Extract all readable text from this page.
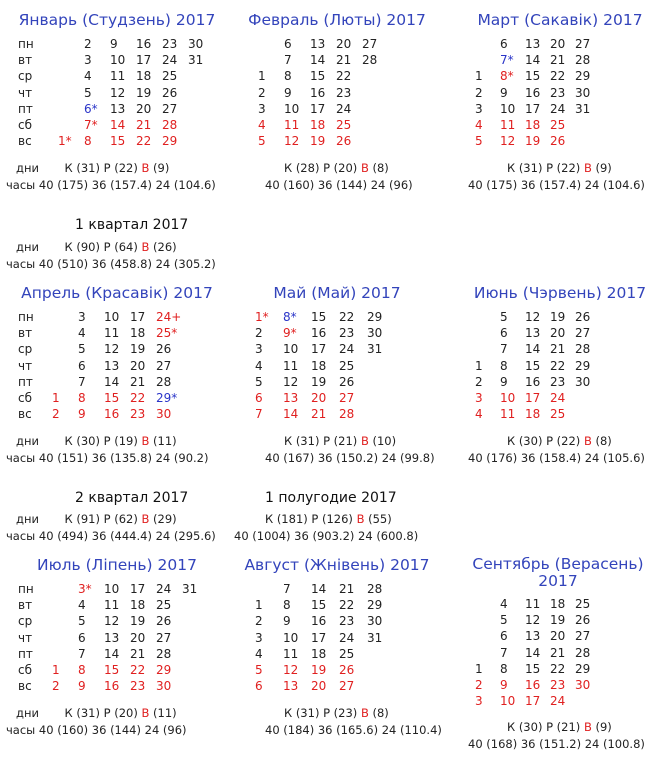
Январь (Студзень) 2017
пн
вт
ср
чт
пт
сб
вс 1*
2
3
4
5
6*
7*
8
9
10
11
12
13
14
15
16
17
18
19
20
21
22
23
24
25
26
27
28
29
30
31
дни К (31) Р (22) В (9)
часы 40 (175) 36 (157.4) 24 (104.6)
Февраль (Люты) 2017
1
2
3
4
5
6
7
8
9
10
11
12
13
14
15
16
17
18
19
20
21
22
23
24
25
26
27
28
К (28) Р (20) В (8)
40 (160) 36 (144) 24 (96)
Март (Сакавік) 2017
1
2
3
4
5
6
7*
8*
9
10
11
12
13
14
15
16
17
18
19
20
21
22
23
24
25
26
27
28
29
30
31
К (31) Р (22) В (9)
40 (175) 36 (157.4) 24 (104.6)
Апрель (Красавік) 2017
пн
вт
ср
чт
пт
сб
вс
1
2
3
4
5
6
7
8
9
10
11
12
13
14
15
16
17
18
19
20
21
22
23
24+
25*
26
27
28
29*
30
дни К (30) Р (19) В (11)
часы 40 (151) 36 (135.8) 24 (90.2)
Май (Май) 2017
1*
2
3
4
5
6
7
8*
9*
10
11
12
13
14
15
16
17
18
19
20
21
22
23
24
25
26
27
28
29
30
31
К (31) Р (21) В (10)
40 (167) 36 (150.2) 24 (99.8)
Июнь (Чэрвень) 2017
1
2
3
4
5
6
7
8
9
10
11
12
13
14
15
16
17
18
19
20
21
22
23
24
25
26
27
28
29
30
К (30) Р (22) В (8)
40 (176) 36 (158.4) 24 (105.6)
Июль (Ліпень) 2017
пн
вт
ср
чт
пт
сб
вс
1
2
3*
4
5
6
7
8
9
10
11
12
13
14
15
16
17
18
19
20
21
22
23
24
25
26
27
28
29
30
31
дни К (31) Р (20) В (11)
часы 40 (160) 36 (144) 24 (96)
Август (Жнівень) 2017
1
2
3
4
5
6
7
8
9
10
11
12
13
14
15
16
17
18
19
20
21
22
23
24
25
26
27
28
29
30
31
К (31) Р (23) В (8)
40 (184) 36 (165.6) 24 (110.4)
Сентябрь (Верасень) 2017
1
2
3
4
5
6
7
8
9
10
11
12
13
14
15
16
17
18
19
20
21
22
23
24
25
26
27
28
29
30
К (30) Р (21) В (9)
40 (168) 36 (151.2) 24 (100.8)
1 квартал 2017
дни К (90) Р (64) В (26)
часы 40 (510) 36 (458.8) 24 (305.2)
2 квартал 2017
дни К (91) Р (62) В (29)
часы 40 (494) 36 (444.4) 24 (295.6)
1 полугодие 2017
К (181) Р (126) В (55)
40 (1004) 36 (903.2) 24 (600.8)
